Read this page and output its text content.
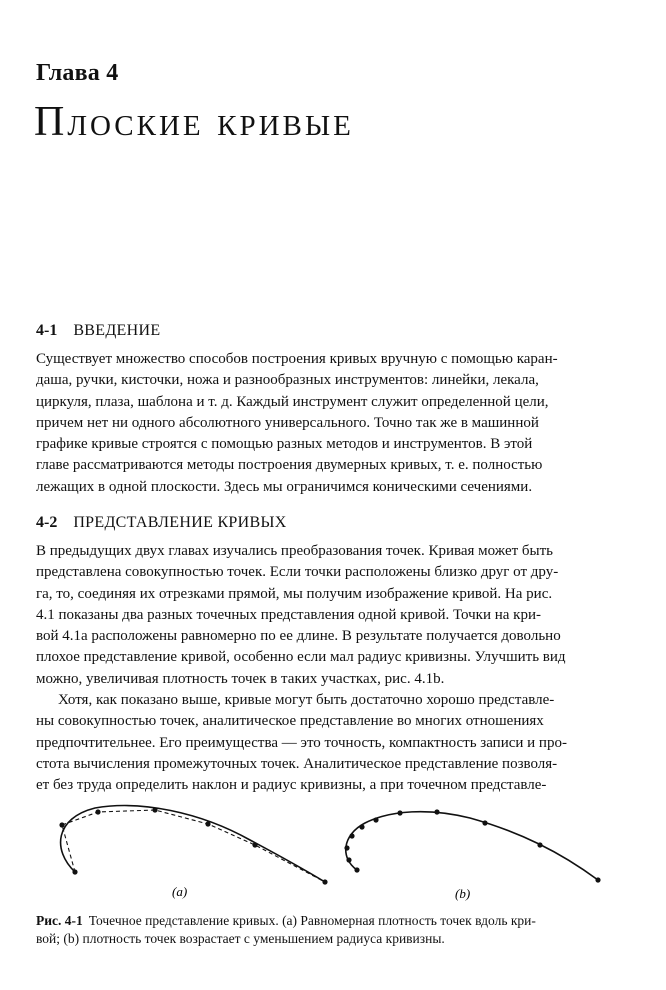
Глава 4
Плоские кривые
4-1 ВВЕДЕНИЕ
Существует множество способов построения кривых вручную с помощью каран-
даша, ручки, кисточки, ножа и разнообразных инструментов: линейки, лекала,
циркуля, плаза, шаблона и т. д. Каждый инструмент служит определенной цели,
причем нет ни одного абсолютного универсального. Точно так же в машинной
графике кривые строятся с помощью разных методов и инструментов. В этой
главе рассматриваются методы построения двумерных кривых, т. е. полностью
лежащих в одной плоскости. Здесь мы ограничимся коническими сечениями.
4-2 ПРЕДСТАВЛЕНИЕ КРИВЫХ
В предыдущих двух главах изучались преобразования точек. Кривая может быть
представлена совокупностью точек. Если точки расположены близко друг от дру-
га, то, соединяя их отрезками прямой, мы получим изображение кривой. На рис.
4.1 показаны два разных точечных представления одной кривой. Точки на кри-
вой 4.1a расположены равномерно по ее длине. В результате получается довольно
плохое представление кривой, особенно если мал радиус кривизны. Улучшить вид
можно, увеличивая плотность точек в таких участках, рис. 4.1b.
Хотя, как показано выше, кривые могут быть достаточно хорошо представле-
ны совокупностью точек, аналитическое представление во многих отношениях
предпочтительнее. Его преимущества — это точность, компактность записи и про-
стота вычисления промежуточных точек. Аналитическое представление позволя-
ет без труда определить наклон и радиус кривизны, а при точечном представле-
(a)	(b)
Рис. 4-1 Точечное представление кривых. (a) Равномерная плотность точек вдоль кри-
вой; (b) плотность точек возрастает с уменьшением радиуса кривизны.
